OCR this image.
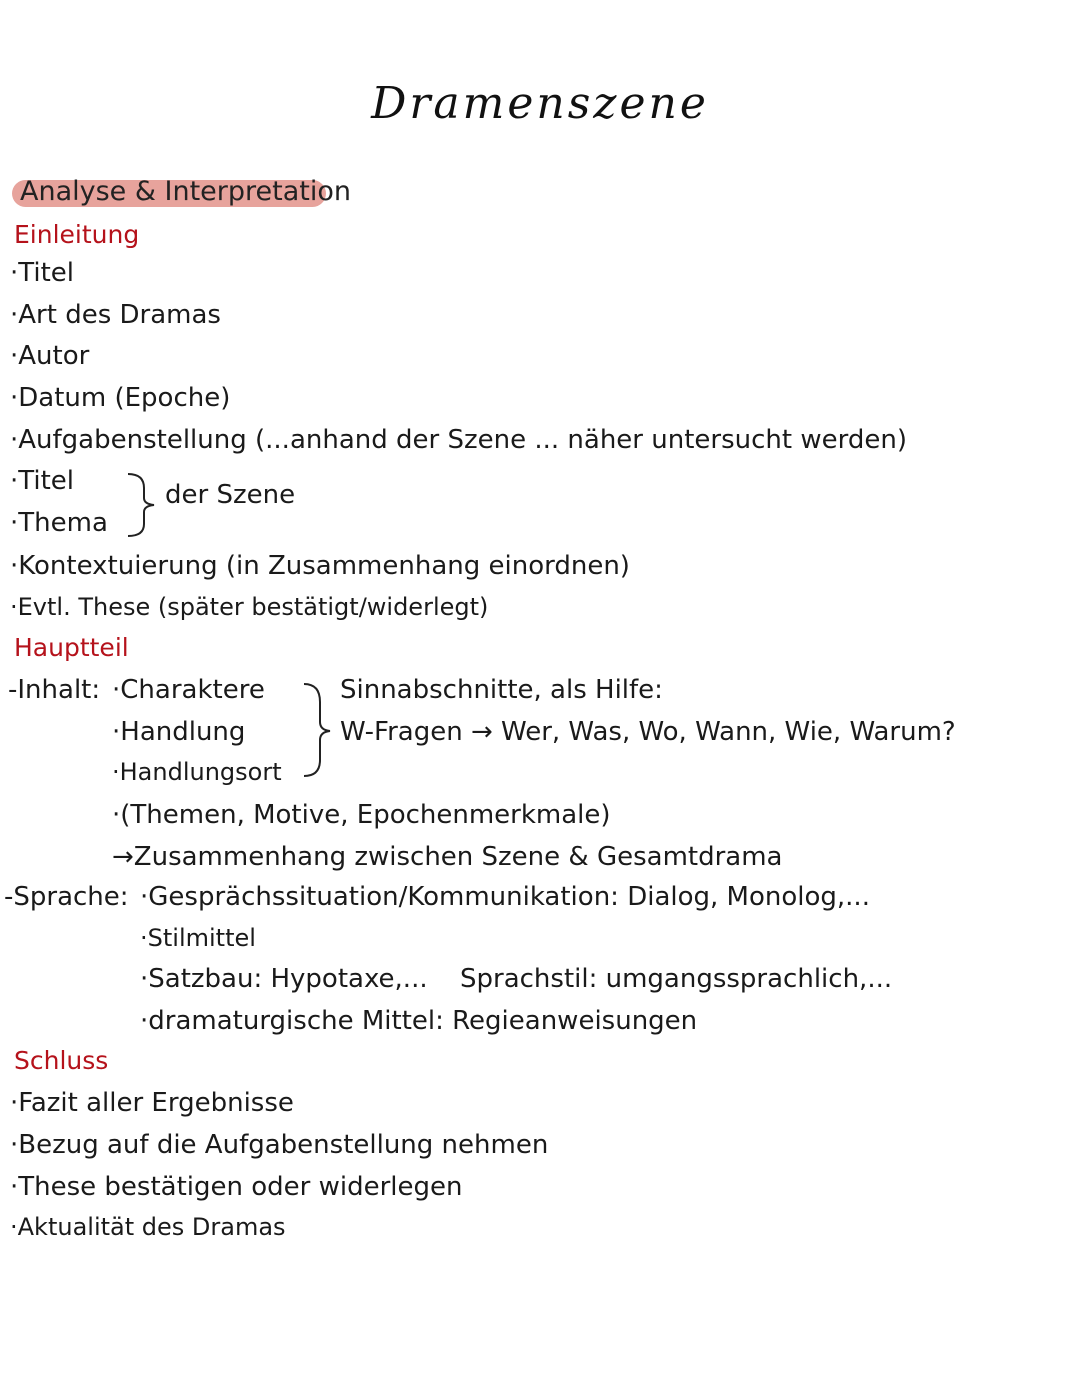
Dramenszene
Analyse & Interpretation
Einleitung
·Titel
·Art des Dramas
·Autor
·Datum (Epoche)
·Aufgabenstellung (...anhand der Szene ... näher untersucht werden)
·Titel
·Thema
der Szene
·Kontextuierung (in Zusammenhang einordnen)
·Evtl. These (später bestätigt/widerlegt)
Hauptteil
-Inhalt: ·Charaktere
·Handlung
·Handlungsort
Sinnabschnitte, als Hilfe:
W-Fragen → Wer, Was, Wo, Wann, Wie, Warum?
·(Themen, Motive, Epochenmerkmale)
→Zusammenhang zwischen Szene & Gesamtdrama
-Sprache: ·Gesprächssituation/Kommunikation: Dialog, Monolog,...
·Stilmittel
·Satzbau: Hypotaxe,... Sprachstil: umgangssprachlich,...
·dramaturgische Mittel: Regieanweisungen
Schluss
·Fazit aller Ergebnisse
·Bezug auf die Aufgabenstellung nehmen
·These bestätigen oder widerlegen
·Aktualität des Dramas
